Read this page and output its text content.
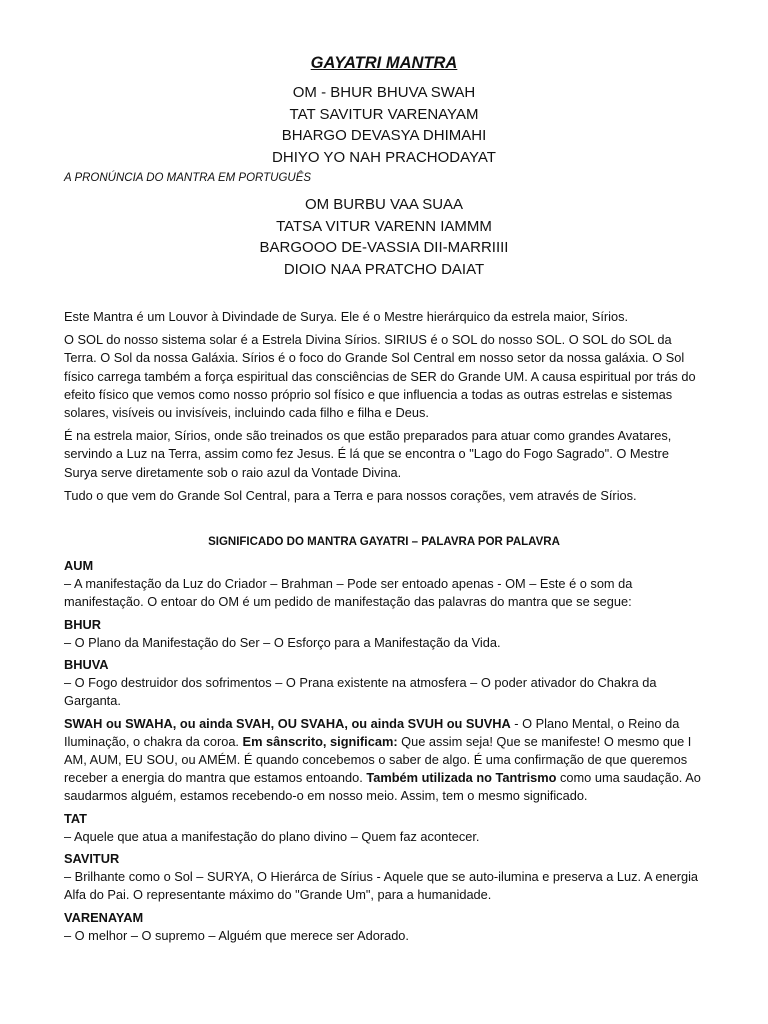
GAYATRI MANTRA
OM - BHUR BHUVA SWAH
TAT SAVITUR VARENAYAM
BHARGO DEVASYA DHIMAHI
DHIYO YO NAH PRACHODAYAT
A PRONÚNCIA DO MANTRA EM PORTUGUÊS
OM BURBU VAA SUAA
TATSA VITUR VARENN IAMMM
BARGOOO DE-VASSIA DII-MARRIIII
DIOIO NAA PRATCHO DAIAT

Este Mantra é um Louvor à Divindade de Surya. Ele é o Mestre hierárquico da estrela maior, Sírios.

O SOL do nosso sistema solar é a Estrela Divina Sírios. SIRIUS é o SOL do nosso SOL. O SOL do SOL da Terra. O Sol da nossa Galáxia. Sírios é o foco do Grande Sol Central em nosso setor da nossa galáxia. O Sol físico carrega também a força espiritual das consciências de SER do Grande UM. A causa espiritual por trás do efeito físico que vemos como nosso próprio sol físico e que influencia a todas as outras estrelas e sistemas solares, visíveis ou invisíveis, incluindo cada filho e filha e Deus.

É na estrela maior, Sírios, onde são treinados os que estão preparados para atuar como grandes Avatares, servindo a Luz na Terra, assim como fez Jesus. É lá que se encontra o "Lago do Fogo Sagrado". O Mestre Surya serve diretamente sob o raio azul da Vontade Divina.

Tudo o que vem do Grande Sol Central, para a Terra e para nossos corações, vem através de Sírios.

SIGNIFICADO DO MANTRA GAYATRI – PALAVRA POR PALAVRA
AUM
– A manifestação da Luz do Criador – Brahman – Pode ser entoado apenas - OM – Este é o som da manifestação. O entoar do OM é um pedido de manifestação das palavras do mantra que se segue:
BHUR
– O Plano da Manifestação do Ser – O Esforço para a Manifestação da Vida.
BHUVA
– O Fogo destruidor dos sofrimentos – O Prana existente na atmosfera – O poder ativador do Chakra da Garganta.
SWAH ou SWAHA, ou ainda SVAH, OU SVAHA, ou ainda SVUH ou SUVHA - O Plano Mental, o Reino da Iluminação, o chakra da coroa. Em sânscrito, significam: Que assim seja! Que se manifeste! O mesmo que I AM, AUM, EU SOU, ou AMÉM. É quando concebemos o saber de algo. É uma confirmação de que queremos receber a energia do mantra que estamos entoando. Também utilizada no Tantrismo como uma saudação. Ao saudarmos alguém, estamos recebendo-o em nosso meio. Assim, tem o mesmo significado.
TAT
– Aquele que atua a manifestação do plano divino – Quem faz acontecer.
SAVITUR
– Brilhante como o Sol – SURYA, O Hierárca de Sírius - Aquele que se auto-ilumina e preserva a Luz. A energia Alfa do Pai. O representante máximo do "Grande Um", para a humanidade.
VARENAYAM
– O melhor – O supremo – Alguém que merece ser Adorado.
